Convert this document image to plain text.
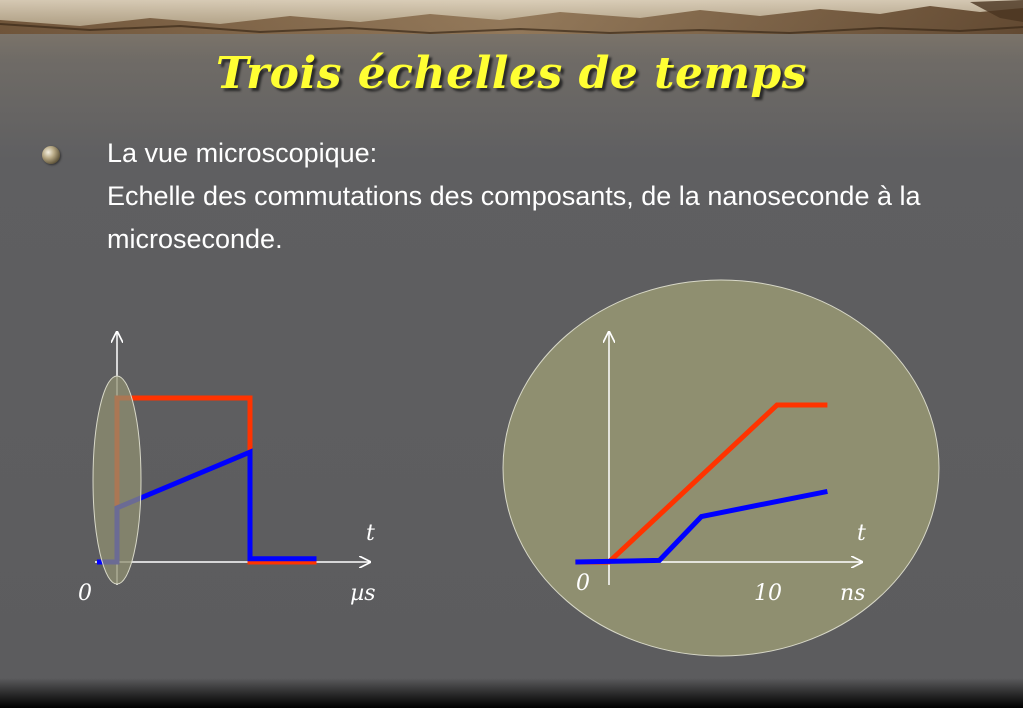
Trois échelles de temps
La vue microscopique:
Echelle des commutations des composants, de la nanoseconde à la
microseconde.
t
µs
0
t
0	10	ns
